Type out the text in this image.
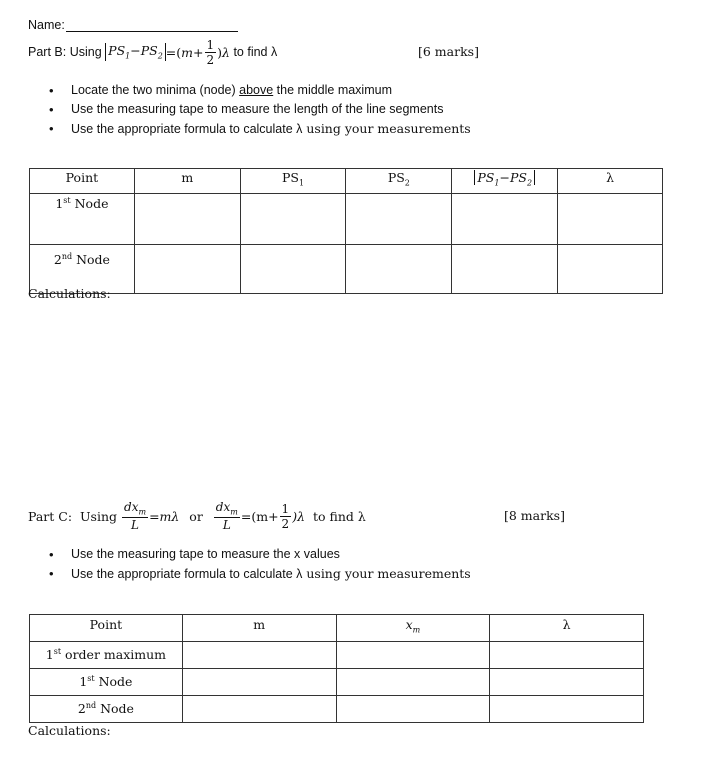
Name:
Part B:
Using
$PS_1-PS_2$ =( $m + \frac{1}{2}$ ) λ
to find λ	[6 marks]
• Locate the two minima (node) above the middle maximum
• Use the measuring tape to measure the length of the line segments
• Use the appropriate formula to calculate λ using your measurements
Point	m	$PS_1$	$PS_2$	$PS_1-PS_2$	λ
1st Node					
2nd Node					
Calculations:
Part C:
Using
$\frac{dx_m}{L} =m\lambda$
or
$\frac{dx_m}{L} =(m+ \frac{1}{2} )\lambda$
to find λ	[8 marks]
• Use the measuring tape to measure the x values
• Use the appropriate formula to calculate λ using your measurements
Point	m	$x_m$	λ
1st order maximum			
1st Node			
2nd Node			
Calculations:
